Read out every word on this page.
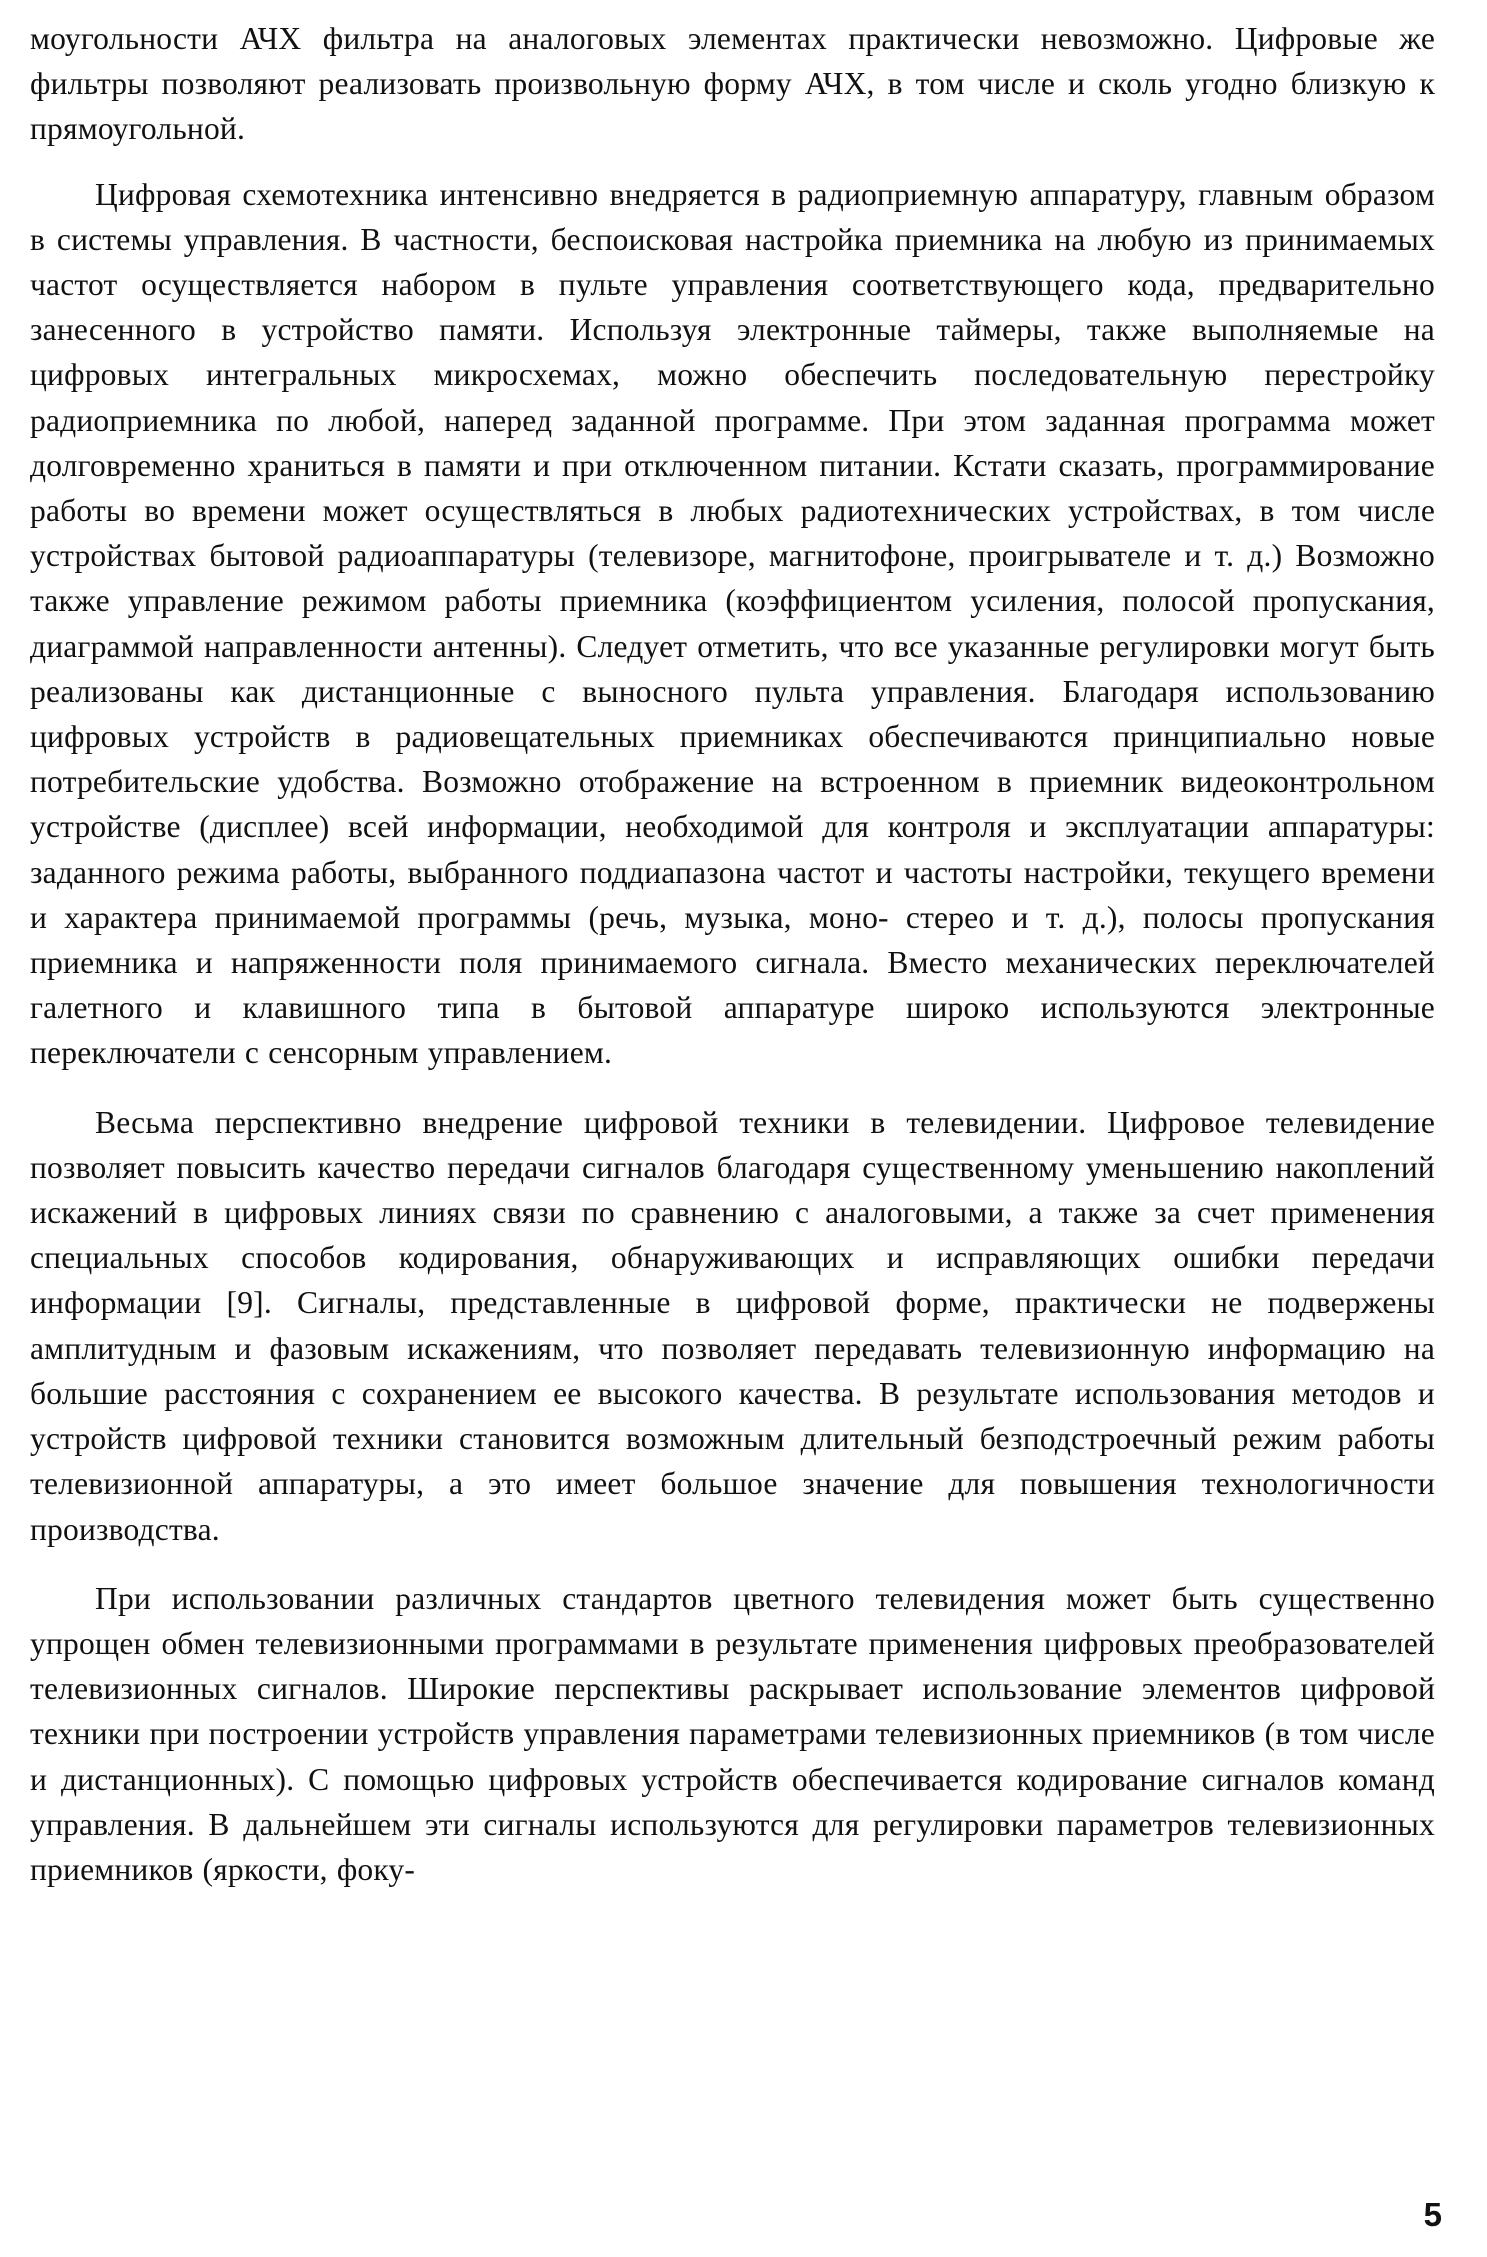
моугольности АЧХ фильтра на аналоговых элементах практически невозможно. Цифровые же фильтры позволяют реализовать произвольную форму АЧХ, в том числе и сколь угодно близкую к прямоугольной.

Цифровая схемотехника интенсивно внедряется в радиоприемную аппаратуру, главным образом в системы управления. В частности, беспоисковая настройка приемника на любую из принимаемых частот осуществляется набором в пульте управления соответствующего кода, предварительно занесенного в устройство памяти. Используя электронные таймеры, также выполняемые на цифровых интегральных микросхемах, можно обеспечить последовательную перестройку радиоприемника по любой, наперед заданной программе. При этом заданная программа может долговременно храниться в памяти и при отключенном питании. Кстати сказать, программирование работы во времени может осуществляться в любых радиотехнических устройствах, в том числе устройствах бытовой радиоаппаратуры (телевизоре, магнитофоне, проигрывателе и т. д.) Возможно также управление режимом работы приемника (коэффициентом усиления, полосой пропускания, диаграммой направленности антенны). Следует отметить, что все указанные регулировки могут быть реализованы как дистанционные с выносного пульта управления. Благодаря использованию цифровых устройств в радиовещательных приемниках обеспечиваются принципиально новые потребительские удобства. Возможно отображение на встроенном в приемник видеоконтрольном устройстве (дисплее) всей информации, необходимой для контроля и эксплуатации аппаратуры: заданного режима работы, выбранного поддиапазона частот и частоты настройки, текущего времени и характера принимаемой программы (речь, музыка, моно- стерео и т. д.), полосы пропускания приемника и напряженности поля принимаемого сигнала. Вместо механических переключателей галетного и клавишного типа в бытовой аппаратуре широко используются электронные переключатели с сенсорным управлением.

Весьма перспективно внедрение цифровой техники в телевидении. Цифровое телевидение позволяет повысить качество передачи сигналов благодаря существенному уменьшению накоплений искажений в цифровых линиях связи по сравнению с аналоговыми, а также за счет применения специальных способов кодирования, обнаруживающих и исправляющих ошибки передачи информации [9]. Сигналы, представленные в цифровой форме, практически не подвержены амплитудным и фазовым искажениям, что позволяет передавать телевизионную информацию на большие расстояния с сохранением ее высокого качества. В результате использования методов и устройств цифровой техники становится возможным длительный безподстроечный режим работы телевизионной аппаратуры, а это имеет большое значение для повышения технологичности производства.

При использовании различных стандартов цветного телевидения может быть существенно упрощен обмен телевизионными программами в результате применения цифровых преобразователей телевизионных сигналов. Широкие перспективы раскрывает использование элементов цифровой техники при построении устройств управления параметрами телевизионных приемников (в том числе и дистанционных). С помощью цифровых устройств обеспечивается кодирование сигналов команд управления. В дальнейшем эти сигналы используются для регулировки параметров телевизионных приемников (яркости, фоку-

5
